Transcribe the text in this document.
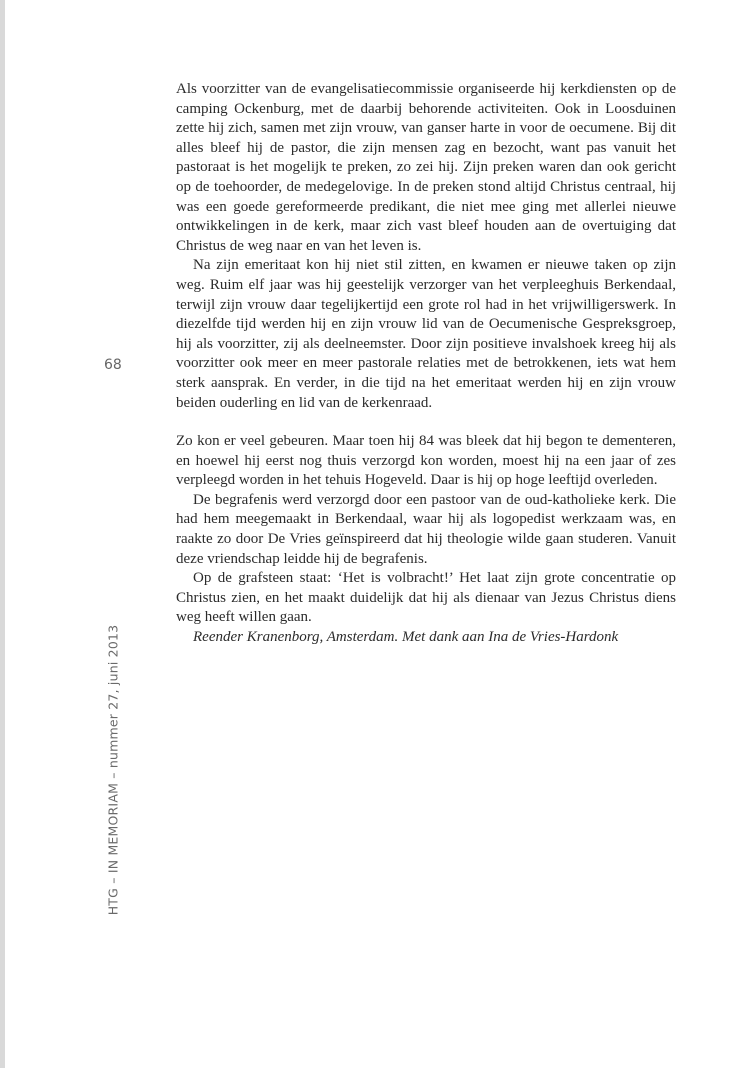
68
HTG – IN MEMORIAM – nummer 27, juni 2013

Als voorzitter van de evangelisatiecommissie organiseerde hij kerkdiensten op de camping Ockenburg, met de daarbij behorende activiteiten. Ook in Loosduinen zette hij zich, samen met zijn vrouw, van ganser harte in voor de oecumene. Bij dit alles bleef hij de pastor, die zijn mensen zag en bezocht, want pas vanuit het pastoraat is het mogelijk te preken, zo zei hij. Zijn preken waren dan ook gericht op de toehoorder, de medegelovige. In de preken stond altijd Christus centraal, hij was een goede gereformeerde predikant, die niet mee ging met allerlei nieuwe ontwikkelingen in de kerk, maar zich vast bleef houden aan de overtuiging dat Christus de weg naar en van het leven is.

Na zijn emeritaat kon hij niet stil zitten, en kwamen er nieuwe taken op zijn weg. Ruim elf jaar was hij geestelijk verzorger van het verpleeghuis Berkendaal, terwijl zijn vrouw daar tegelijkertijd een grote rol had in het vrijwilligerswerk. In diezelfde tijd werden hij en zijn vrouw lid van de Oecumenische Gespreksgroep, hij als voorzitter, zij als deelneemster. Door zijn positieve invalshoek kreeg hij als voorzitter ook meer en meer pastorale relaties met de betrokkenen, iets wat hem sterk aansprak. En verder, in die tijd na het emeritaat werden hij en zijn vrouw beiden ouderling en lid van de kerkenraad.

Zo kon er veel gebeuren. Maar toen hij 84 was bleek dat hij begon te dementeren, en hoewel hij eerst nog thuis verzorgd kon worden, moest hij na een jaar of zes verpleegd worden in het tehuis Hogeveld. Daar is hij op hoge leeftijd overleden.

De begrafenis werd verzorgd door een pastoor van de oud-katholieke kerk. Die had hem meegemaakt in Berkendaal, waar hij als logopedist werkzaam was, en raakte zo door De Vries geïnspireerd dat hij theologie wilde gaan studeren. Vanuit deze vriendschap leidde hij de begrafenis.

Op de grafsteen staat: ‘Het is volbracht!’ Het laat zijn grote concentratie op Christus zien, en het maakt duidelijk dat hij als dienaar van Jezus Christus diens weg heeft willen gaan.

Reender Kranenborg, Amsterdam. Met dank aan Ina de Vries-Hardonk
